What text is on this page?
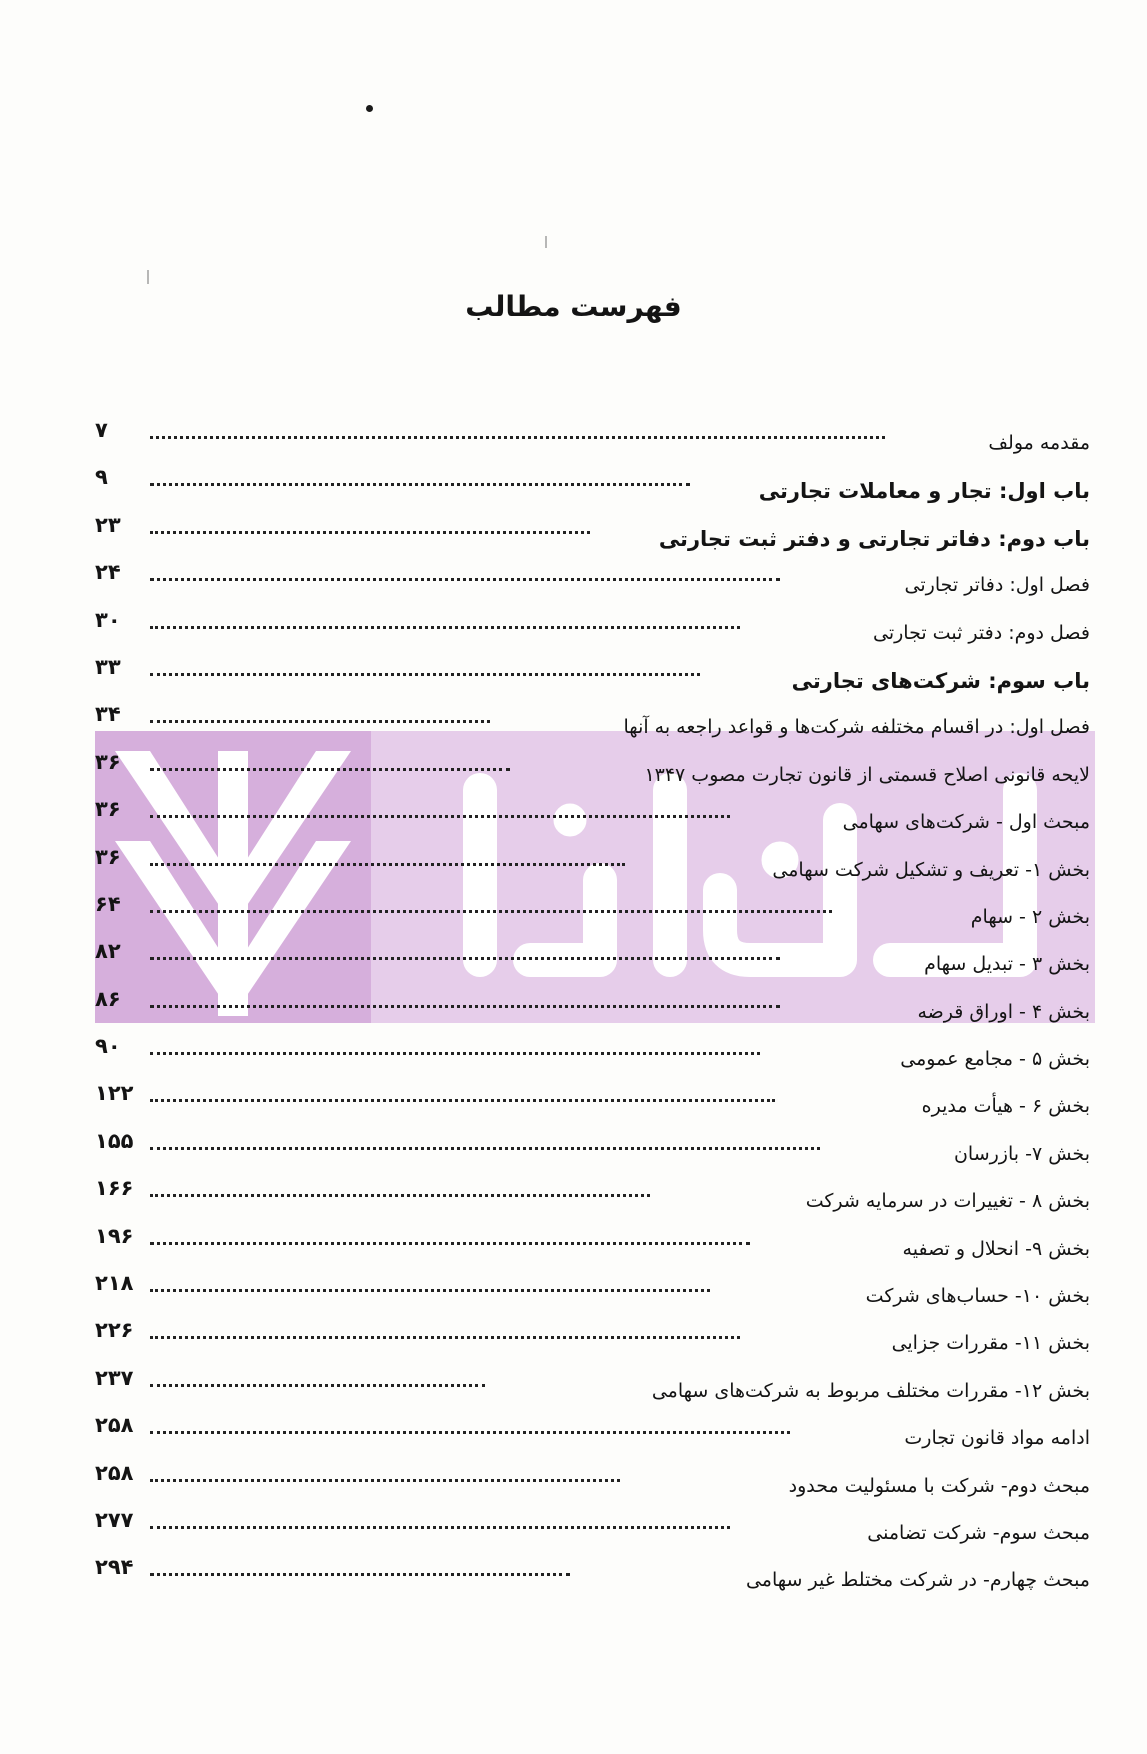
فهرست مطالب
۷
مقدمه مولف
۹
باب اول: تجار و معاملات تجارتی
۲۳
باب دوم: دفاتر تجارتی و دفتر ثبت تجارتی
۲۴
فصل اول: دفاتر تجارتی
۳۰
فصل دوم: دفتر ثبت تجارتی
۳۳
باب سوم: شرکت‌های تجارتی
۳۴
فصل اول: در اقسام مختلفه شرکت‌ها و قواعد راجعه به آنها
۳۶
لایحه قانونی اصلاح قسمتی از قانون تجارت مصوب ۱۳۴۷
۳۶
مبحث اول - شرکت‌های سهامی
۳۶
بخش ۱- تعریف و تشکیل شرکت سهامی
۶۴
بخش ۲ - سهام
۸۲
بخش ۳ - تبدیل سهام
۸۶
بخش ۴ - اوراق قرضه
۹۰
بخش ۵ - مجامع عمومی
۱۲۲
بخش ۶ - هیأت مدیره
۱۵۵
بخش ۷- بازرسان
۱۶۶
بخش ۸ - تغییرات در سرمایه شرکت
۱۹۶
بخش ۹- انحلال و تصفیه
۲۱۸
بخش ۱۰- حساب‌های شرکت
۲۲۶
بخش ۱۱- مقررات جزایی
۲۳۷
بخش ۱۲- مقررات مختلف مربوط به شرکت‌های سهامی
۲۵۸
ادامه مواد قانون تجارت
۲۵۸
مبحث دوم- شرکت با مسئولیت محدود
۲۷۷
مبحث سوم- شرکت تضامنی
۲۹۴
مبحث چهارم- در شرکت مختلط غیر سهامی
